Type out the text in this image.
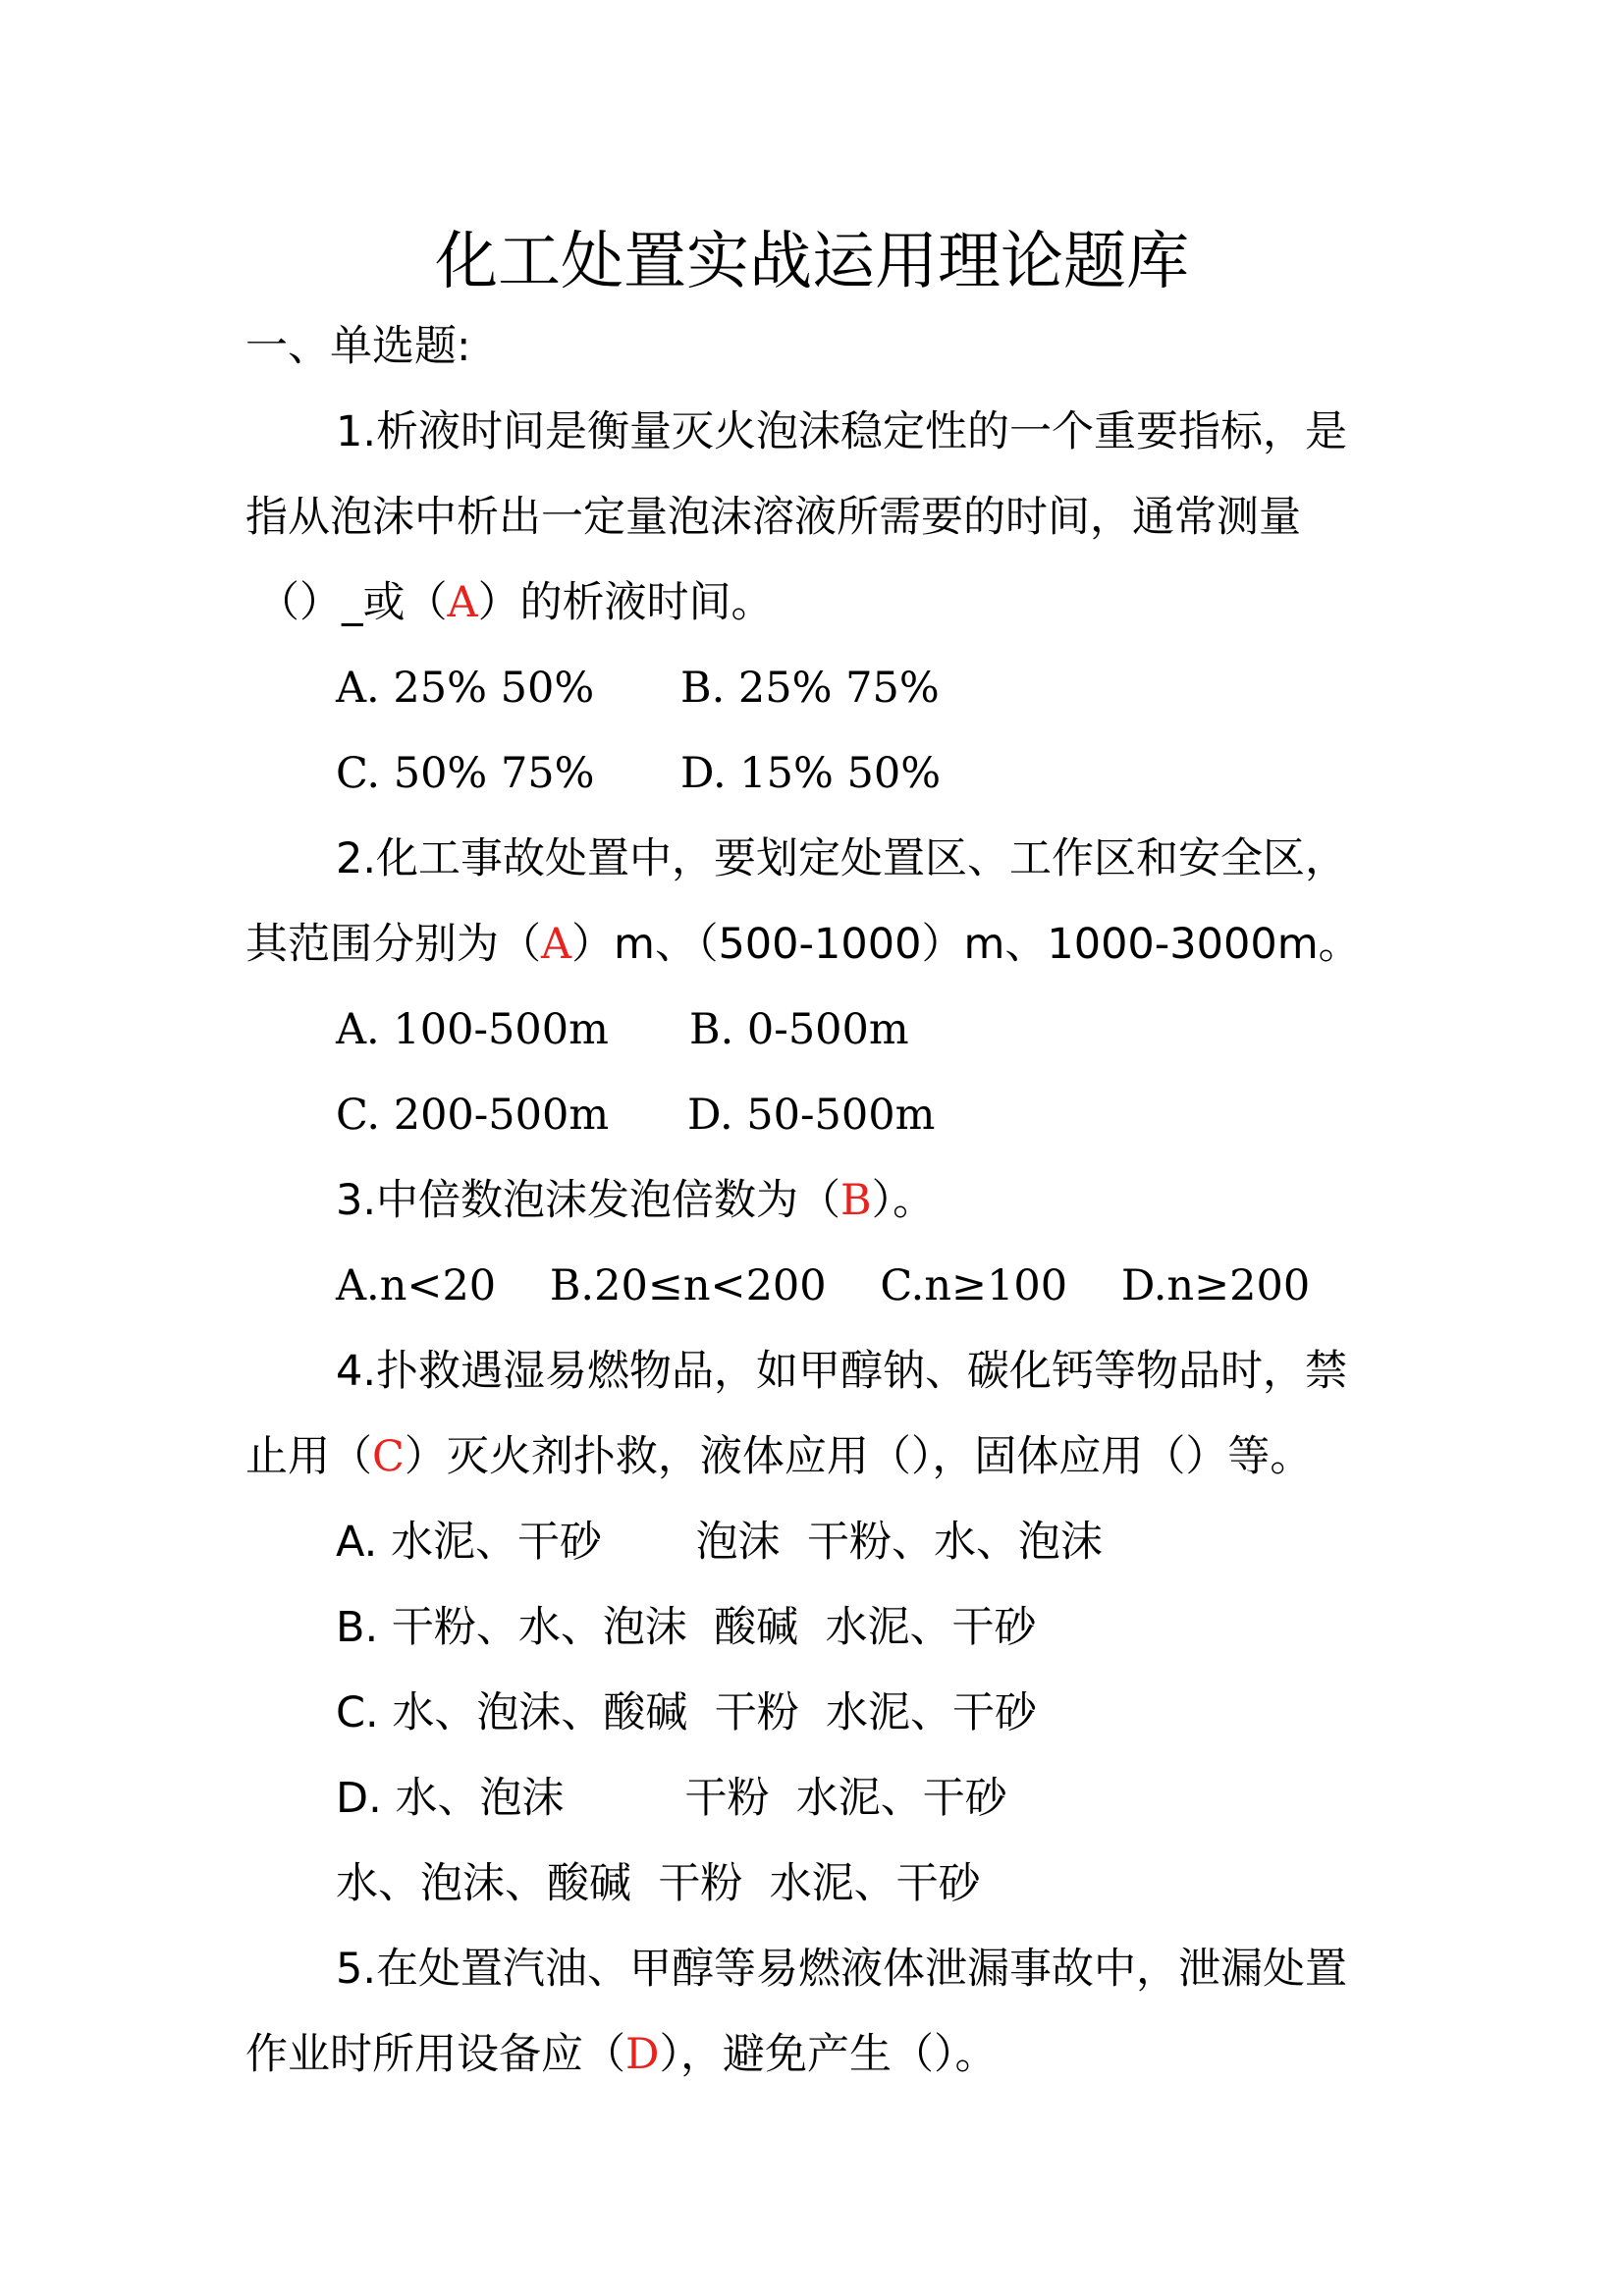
化工处置实战运用理论题库
一、单选题:
1.析液时间是衡量灭火泡沫稳定性的一个重要指标，是
指从泡沫中析出一定量泡沫溶液所需要的时间，通常测量
（）_或（A）的析液时间。
A. 25% 50% B. 25% 75%
C. 50% 75% D. 15% 50%
2.化工事故处置中，要划定处置区、工作区和安全区，
其范围分别为（A）m、（500-1000）m、1000-3000m。
A. 100-500m B. 0-500m
C. 200-500m D. 50-500m
3.中倍数泡沫发泡倍数为（B）。
A.n<20    B.20≤n<200    C.n≥100    D.n≥200
4.扑救遇湿易燃物品，如甲醇钠、碳化钙等物品时，禁
止用（C）灭火剂扑救，液体应用（），固体应用（）等。
A. 水泥、干砂       泡沫  干粉、水、泡沫
B. 干粉、水、泡沫  酸碱  水泥、干砂
C. 水、泡沫、酸碱  干粉  水泥、干砂
D. 水、泡沫         干粉  水泥、干砂
水、泡沫、酸碱  干粉  水泥、干砂
5.在处置汽油、甲醇等易燃液体泄漏事故中，泄漏处置
作业时所用设备应（D），避免产生（）。
